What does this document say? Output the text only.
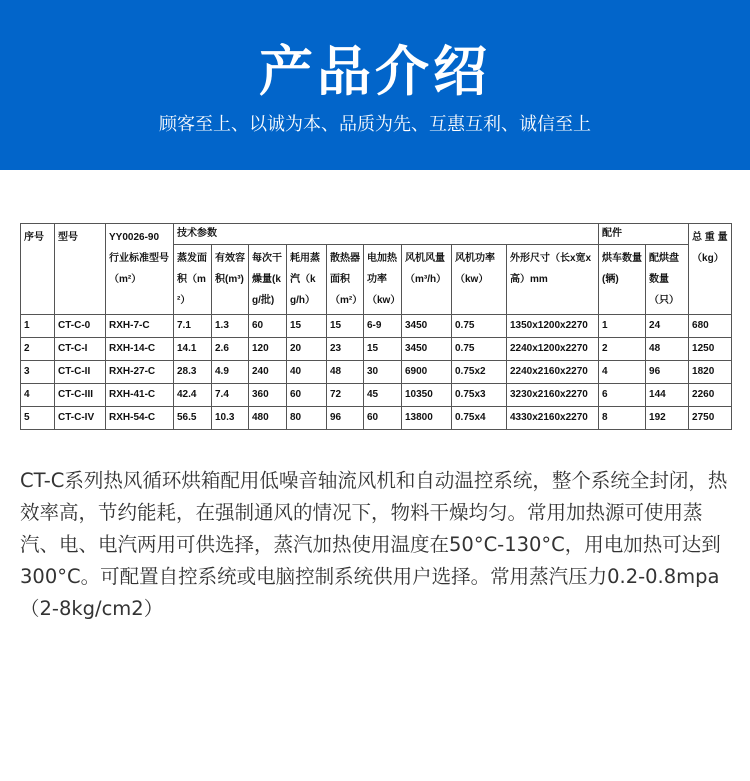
产品介绍
顾客至上、以诚为本、品质为先、互惠互利、诚信至上
序号	型号	YY0026-90 行业标准型号（m²）	技术参数									配件		总 重 量 （kg）
			蒸发面积（m²）	有效容积(m³)	每次干燥量(kg/批)	耗用蒸汽（kg/h）	散热器面积（m²）	电加热功率（kw）	风机风量（m³/h）	风机功率（kw）	外形尺寸（长x宽x高）mm	烘车数量(辆)	配烘盘数量（只）	
1	CT-C-0	RXH-7-C	7.1	1.3	60	15	15	6-9	3450	0.75	1350x1200x2270	1	24	680
2	CT-C-I	RXH-14-C	14.1	2.6	120	20	23	15	3450	0.75	2240x1200x2270	2	48	1250
3	CT-C-II	RXH-27-C	28.3	4.9	240	40	48	30	6900	0.75x2	2240x2160x2270	4	96	1820
4	CT-C-III	RXH-41-C	42.4	7.4	360	60	72	45	10350	0.75x3	3230x2160x2270	6	144	2260
5	CT-C-IV	RXH-54-C	56.5	10.3	480	80	96	60	13800	0.75x4	4330x2160x2270	8	192	2750
CT-C系列热风循环烘箱配用低噪音轴流风机和自动温控系统，整个系统全封闭，热效率高，节约能耗，在强制通风的情况下，物料干燥均匀。常用加热源可使用蒸汽、电、电汽两用可供选择，蒸汽加热使用温度在50°C-130°C，用电加热可达到300°C。可配置自控系统或电脑控制系统供用户选择。常用蒸汽压力0.2-0.8mpa（2-8kg/cm2）
